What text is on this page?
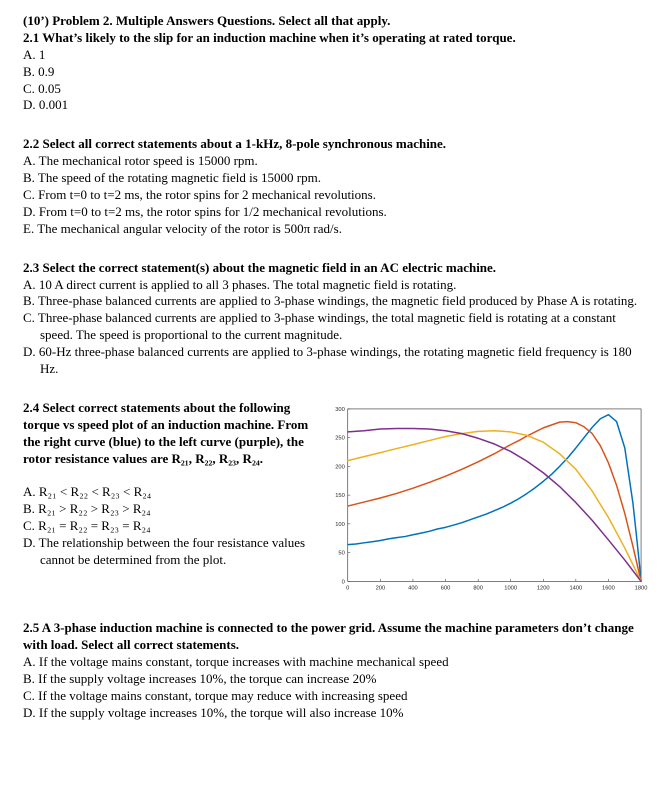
(10’) Problem 2. Multiple Answers Questions. Select all that apply.
2.1 What’s likely to the slip for an induction machine when it’s operating at rated torque.
A. 1
B. 0.9
C. 0.05
D. 0.001
2.2 Select all correct statements about a 1-kHz, 8-pole synchronous machine.
A. The mechanical rotor speed is 15000 rpm.
B. The speed of the rotating magnetic field is 15000 rpm.
C. From t=0 to t=2 ms, the rotor spins for 2 mechanical revolutions.
D. From t=0 to t=2 ms, the rotor spins for 1/2 mechanical revolutions.
E. The mechanical angular velocity of the rotor is 500π rad/s.
2.3 Select the correct statement(s) about the magnetic field in an AC electric machine.
A. 10 A direct current is applied to all 3 phases. The total magnetic field is rotating.
B. Three-phase balanced currents are applied to 3-phase windings, the magnetic field produced by Phase A is rotating.
C. Three-phase balanced currents are applied to 3-phase windings, the total magnetic field is rotating at a constant speed. The speed is proportional to the current magnitude.
D. 60-Hz three-phase balanced currents are applied to 3-phase windings, the rotating magnetic field frequency is 180 Hz.
2.4 Select correct statements about the following torque vs speed plot of an induction machine. From the right curve (blue) to the left curve (purple), the rotor resistance values are R₂₁, R₂₂, R₂₃, R₂₄.
A. R₂₁ < R₂₂ < R₂₃ < R₂₄
B. R₂₁ > R₂₂ > R₂₃ > R₂₄
C. R₂₁ = R₂₂ = R₂₃ = R₂₄
D. The relationship between the four resistance values cannot be determined from the plot.
0	200	400	600	800	1000	1200	1400	1600	1800
0
50
100
150
200
250
300
2.5 A 3-phase induction machine is connected to the power grid. Assume the machine parameters don’t change with load. Select all correct statements.
A. If the voltage mains constant, torque increases with machine mechanical speed
B. If the supply voltage increases 10%, the torque can increase 20%
C. If the voltage mains constant, torque may reduce with increasing speed
D. If the supply voltage increases 10%, the torque will also increase 10%
